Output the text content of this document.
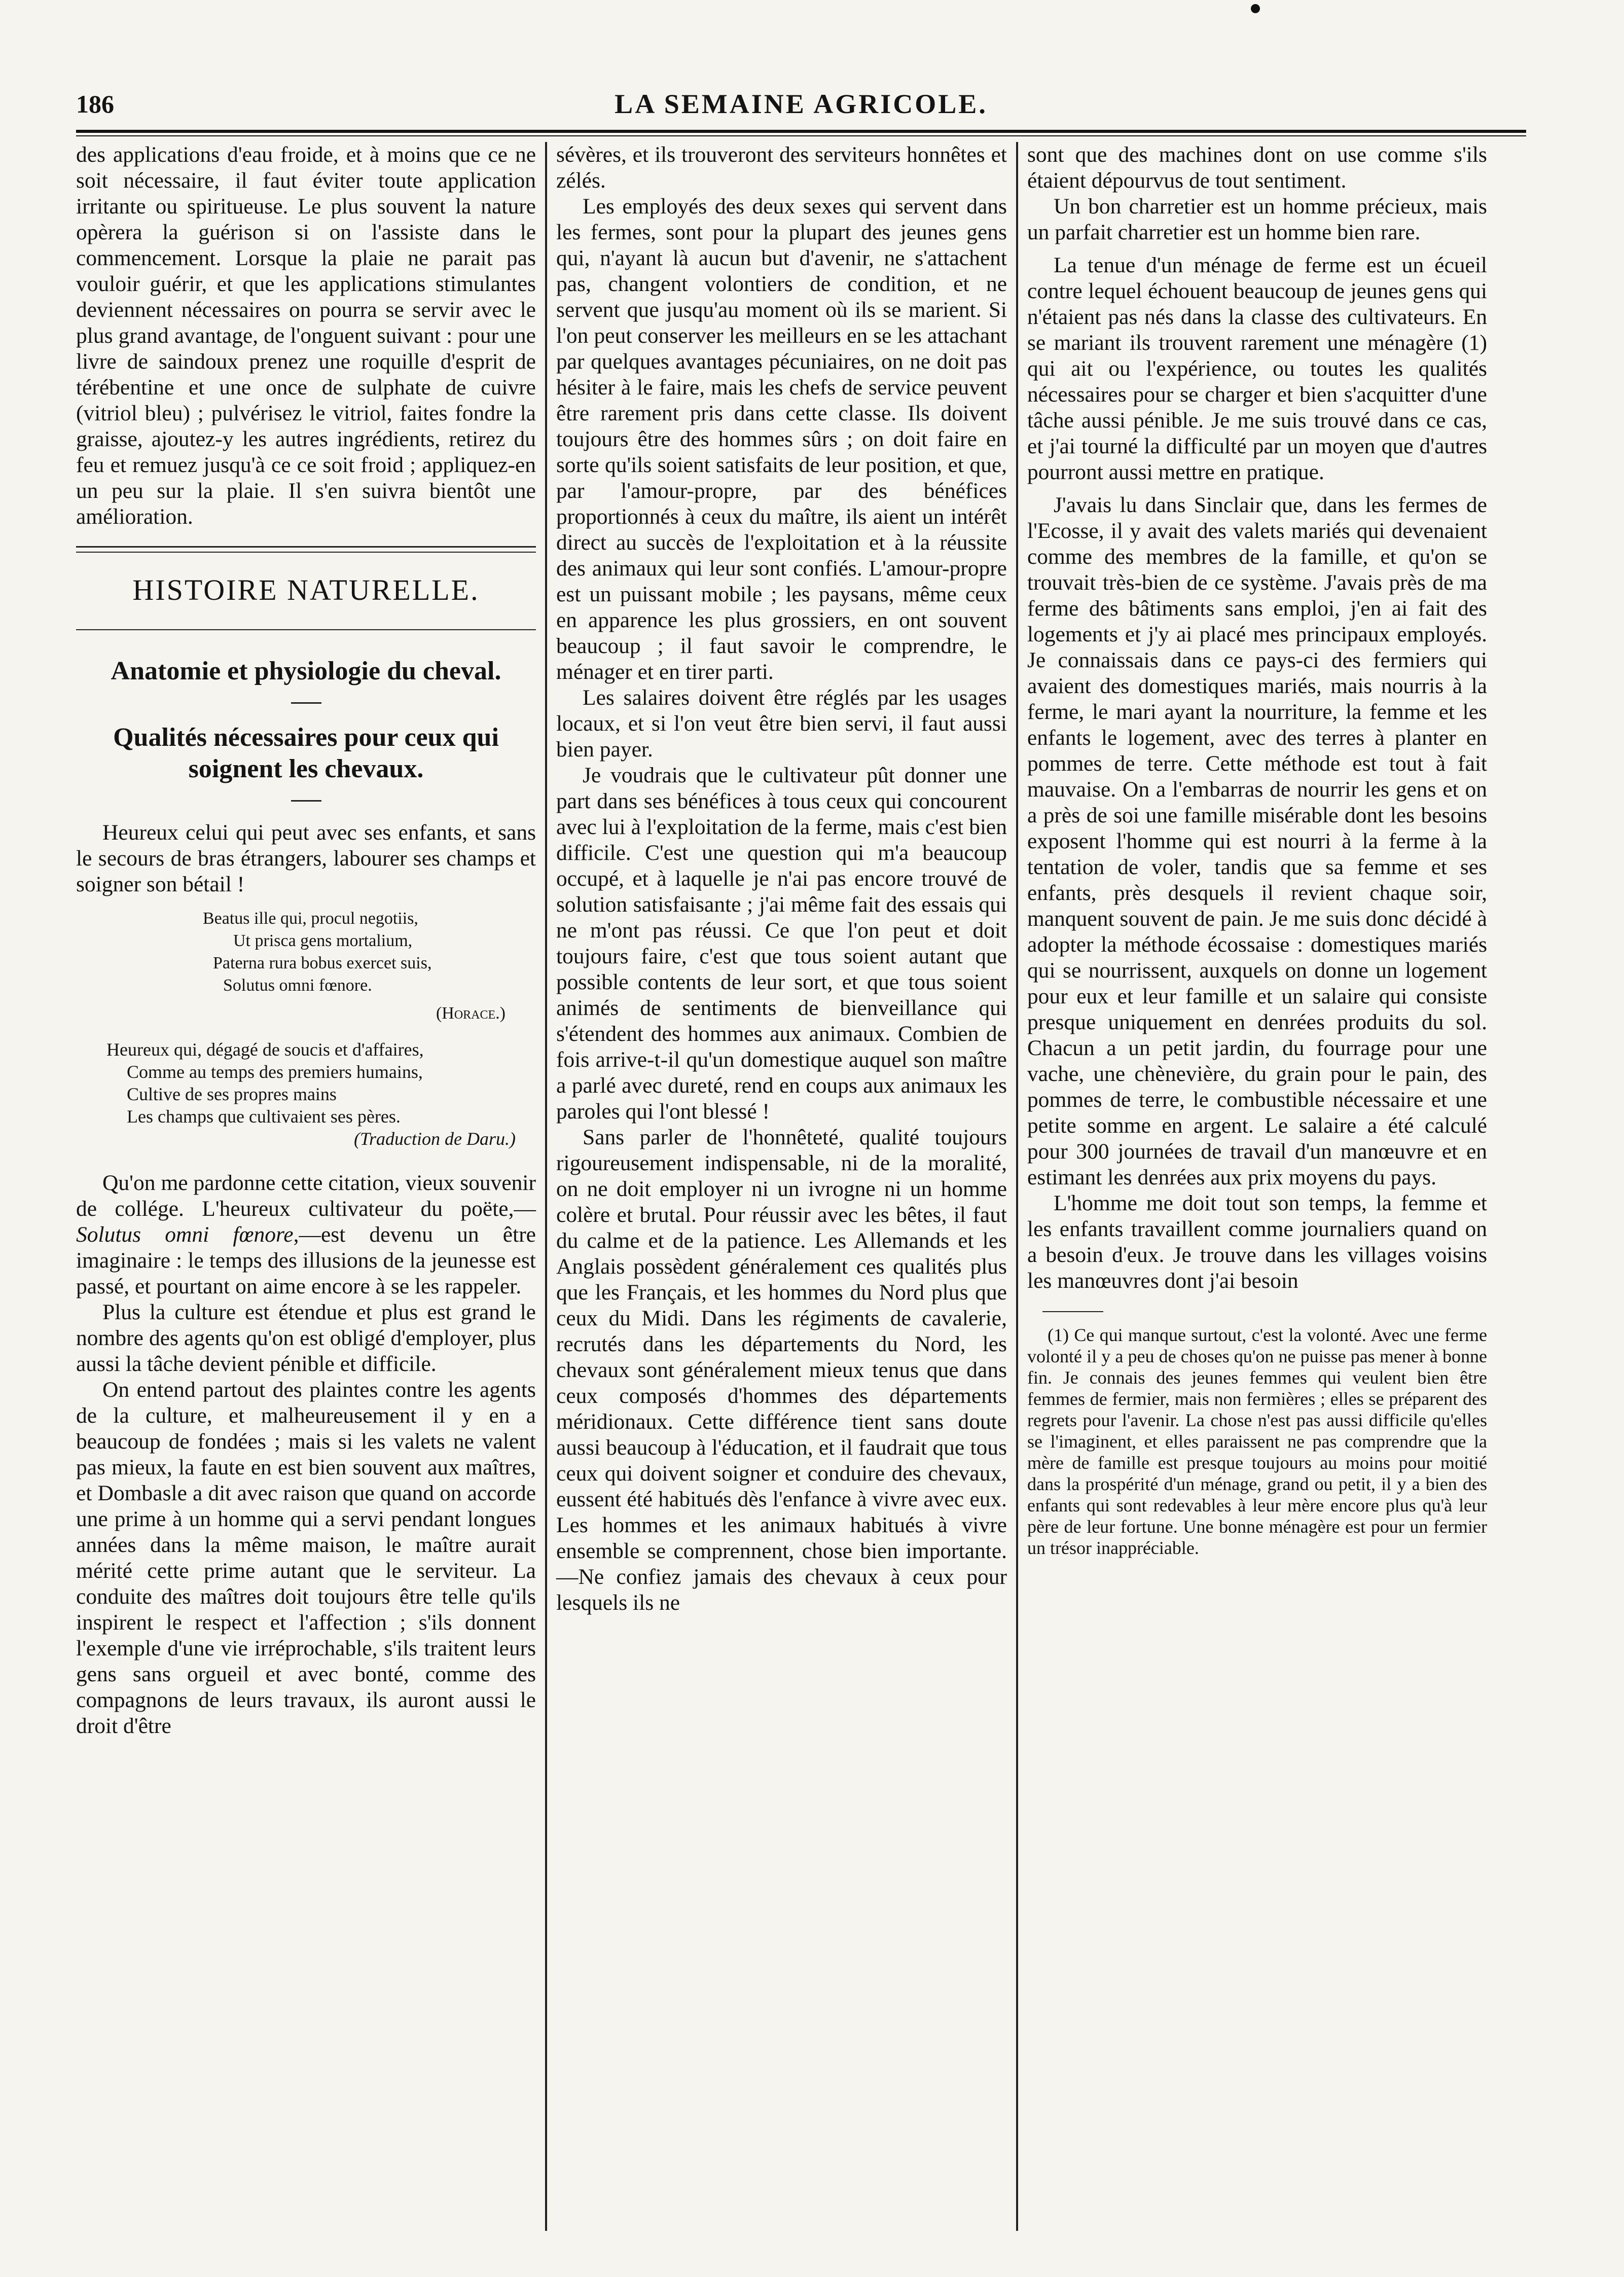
186	LA SEMAINE AGRICOLE.

des applications d'eau froide, et à moins que ce ne soit nécessaire, il faut éviter toute application irritante ou spiritueuse. Le plus souvent la nature opèrera la guérison si on l'assiste dans le commencement. Lorsque la plaie ne parait pas vouloir guérir, et que les applications stimulantes deviennent nécessaires on pourra se servir avec le plus grand avantage, de l'onguent suivant : pour une livre de saindoux prenez une roquille d'esprit de térébentine et une once de sulphate de cuivre (vitriol bleu) ; pulvérisez le vitriol, faites fondre la graisse, ajoutez-y les autres ingrédients, retirez du feu et remuez jusqu'à ce ce soit froid ; appliquez-en un peu sur la plaie. Il s'en suivra bientôt une amélioration.

HISTOIRE NATURELLE.
Anatomie et physiologie du cheval.
Qualités nécessaires pour ceux qui soignent les chevaux.

Heureux celui qui peut avec ses enfants, et sans le secours de bras étrangers, labourer ses champs et soigner son bétail !

Beatus ille qui, procul negotiis,
Ut prisca gens mortalium,
Paterna rura bobus exercet suis,
Solutus omni fœnore.
(Horace.)
Heureux qui, dégagé de soucis et d'affaires,
Comme au temps des premiers humains,
Cultive de ses propres mains
Les champs que cultivaient ses pères.
(Traduction de Daru.)

Qu'on me pardonne cette citation, vieux souvenir de collége. L'heureux cultivateur du poëte,— Solutus omni fœnore,—est devenu un être imaginaire : le temps des illusions de la jeunesse est passé, et pourtant on aime encore à se les rappeler.

Plus la culture est étendue et plus est grand le nombre des agents qu'on est obligé d'employer, plus aussi la tâche devient pénible et difficile.

On entend partout des plaintes contre les agents de la culture, et malheureusement il y en a beaucoup de fondées ; mais si les valets ne valent pas mieux, la faute en est bien souvent aux maîtres, et Dombasle a dit avec raison que quand on accorde une prime à un homme qui a servi pendant longues années dans la même maison, le maître aurait mérité cette prime autant que le serviteur. La conduite des maîtres doit toujours être telle qu'ils inspirent le respect et l'affection ; s'ils donnent l'exemple d'une vie irréprochable, s'ils traitent leurs gens sans orgueil et avec bonté, comme des compagnons de leurs travaux, ils auront aussi le droit d'être

sévères, et ils trouveront des serviteurs honnêtes et zélés.

Les employés des deux sexes qui servent dans les fermes, sont pour la plupart des jeunes gens qui, n'ayant là aucun but d'avenir, ne s'attachent pas, changent volontiers de condition, et ne servent que jusqu'au moment où ils se marient. Si l'on peut conserver les meilleurs en se les attachant par quelques avantages pécuniaires, on ne doit pas hésiter à le faire, mais les chefs de service peuvent être rarement pris dans cette classe. Ils doivent toujours être des hommes sûrs ; on doit faire en sorte qu'ils soient satisfaits de leur position, et que, par l'amour-propre, par des bénéfices proportionnés à ceux du maître, ils aient un intérêt direct au succès de l'exploitation et à la réussite des animaux qui leur sont confiés. L'amour-propre est un puissant mobile ; les paysans, même ceux en apparence les plus grossiers, en ont souvent beaucoup ; il faut savoir le comprendre, le ménager et en tirer parti.

Les salaires doivent être réglés par les usages locaux, et si l'on veut être bien servi, il faut aussi bien payer.

Je voudrais que le cultivateur pût donner une part dans ses bénéfices à tous ceux qui concourent avec lui à l'exploitation de la ferme, mais c'est bien difficile. C'est une question qui m'a beaucoup occupé, et à laquelle je n'ai pas encore trouvé de solution satisfaisante ; j'ai même fait des essais qui ne m'ont pas réussi. Ce que l'on peut et doit toujours faire, c'est que tous soient autant que possible contents de leur sort, et que tous soient animés de sentiments de bienveillance qui s'étendent des hommes aux animaux. Combien de fois arrive-t-il qu'un domestique auquel son maître a parlé avec dureté, rend en coups aux animaux les paroles qui l'ont blessé !

Sans parler de l'honnêteté, qualité toujours rigoureusement indispensable, ni de la moralité, on ne doit employer ni un ivrogne ni un homme colère et brutal. Pour réussir avec les bêtes, il faut du calme et de la patience. Les Allemands et les Anglais possèdent généralement ces qualités plus que les Français, et les hommes du Nord plus que ceux du Midi. Dans les régiments de cavalerie, recrutés dans les départements du Nord, les chevaux sont généralement mieux tenus que dans ceux composés d'hommes des départements méridionaux. Cette différence tient sans doute aussi beaucoup à l'éducation, et il faudrait que tous ceux qui doivent soigner et conduire des chevaux, eussent été habitués dès l'enfance à vivre avec eux. Les hommes et les animaux habitués à vivre ensemble se comprennent, chose bien importante.—Ne confiez jamais des chevaux à ceux pour lesquels ils ne

sont que des machines dont on use comme s'ils étaient dépourvus de tout sentiment.

Un bon charretier est un homme précieux, mais un parfait charretier est un homme bien rare.

La tenue d'un ménage de ferme est un écueil contre lequel échouent beaucoup de jeunes gens qui n'étaient pas nés dans la classe des cultivateurs. En se mariant ils trouvent rarement une ménagère (1) qui ait ou l'expérience, ou toutes les qualités nécessaires pour se charger et bien s'acquitter d'une tâche aussi pénible. Je me suis trouvé dans ce cas, et j'ai tourné la difficulté par un moyen que d'autres pourront aussi mettre en pratique.

J'avais lu dans Sinclair que, dans les fermes de l'Ecosse, il y avait des valets mariés qui devenaient comme des membres de la famille, et qu'on se trouvait très-bien de ce système. J'avais près de ma ferme des bâtiments sans emploi, j'en ai fait des logements et j'y ai placé mes principaux employés. Je connaissais dans ce pays-ci des fermiers qui avaient des domestiques mariés, mais nourris à la ferme, le mari ayant la nourriture, la femme et les enfants le logement, avec des terres à planter en pommes de terre. Cette méthode est tout à fait mauvaise. On a l'embarras de nourrir les gens et on a près de soi une famille misérable dont les besoins exposent l'homme qui est nourri à la ferme à la tentation de voler, tandis que sa femme et ses enfants, près desquels il revient chaque soir, manquent souvent de pain. Je me suis donc décidé à adopter la méthode écossaise : domestiques mariés qui se nourrissent, auxquels on donne un logement pour eux et leur famille et un salaire qui consiste presque uniquement en denrées produits du sol. Chacun a un petit jardin, du fourrage pour une vache, une chènevière, du grain pour le pain, des pommes de terre, le combustible nécessaire et une petite somme en argent. Le salaire a été calculé pour 300 journées de travail d'un manœuvre et en estimant les denrées aux prix moyens du pays.

L'homme me doit tout son temps, la femme et les enfants travaillent comme journaliers quand on a besoin d'eux. Je trouve dans les villages voisins les manœuvres dont j'ai besoin

(1) Ce qui manque surtout, c'est la volonté. Avec une ferme volonté il y a peu de choses qu'on ne puisse pas mener à bonne fin. Je connais des jeunes femmes qui veulent bien être femmes de fermier, mais non fermières ; elles se préparent des regrets pour l'avenir. La chose n'est pas aussi difficile qu'elles se l'imaginent, et elles paraissent ne pas comprendre que la mère de famille est presque toujours au moins pour moitié dans la prospérité d'un ménage, grand ou petit, il y a bien des enfants qui sont redevables à leur mère encore plus qu'à leur père de leur fortune. Une bonne ménagère est pour un fermier un trésor inappréciable.
